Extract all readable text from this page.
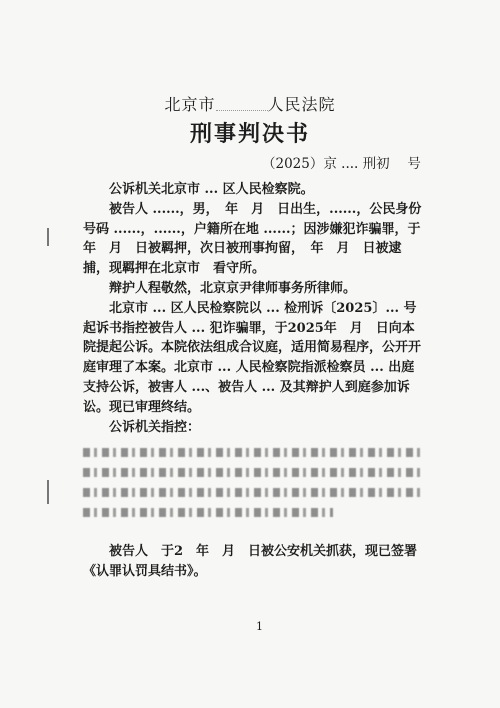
北京市	人民法院
刑事判决书
（2025）京 .... 刑初　 号

公诉机关北京市 ... 区人民检察院。

被告人 ......，男，　年　月　日出生，......，公民身份号码 ......，......，户籍所在地 ......；因涉嫌犯诈骗罪，于　年　月　日被羁押，次日被刑事拘留，　年　月　日被逮捕，现羁押在北京市　看守所。

辩护人程敬然，北京京尹律师事务所律师。

北京市 ... 区人民检察院以 ... 检刑诉〔2025〕... 号起诉书指控被告人 ... 犯诈骗罪，于2025年　月　日向本院提起公诉。本院依法组成合议庭，适用简易程序，公开开庭审理了本案。北京市 ... 人民检察院指派检察员 ... 出庭支持公诉，被害人 ...、被告人 ... 及其辩护人到庭参加诉讼。现已审理终结。

公诉机关指控：

被告人　于2　年　月　日被公安机关抓获，现已签署《认罪认罚具结书》。

1
